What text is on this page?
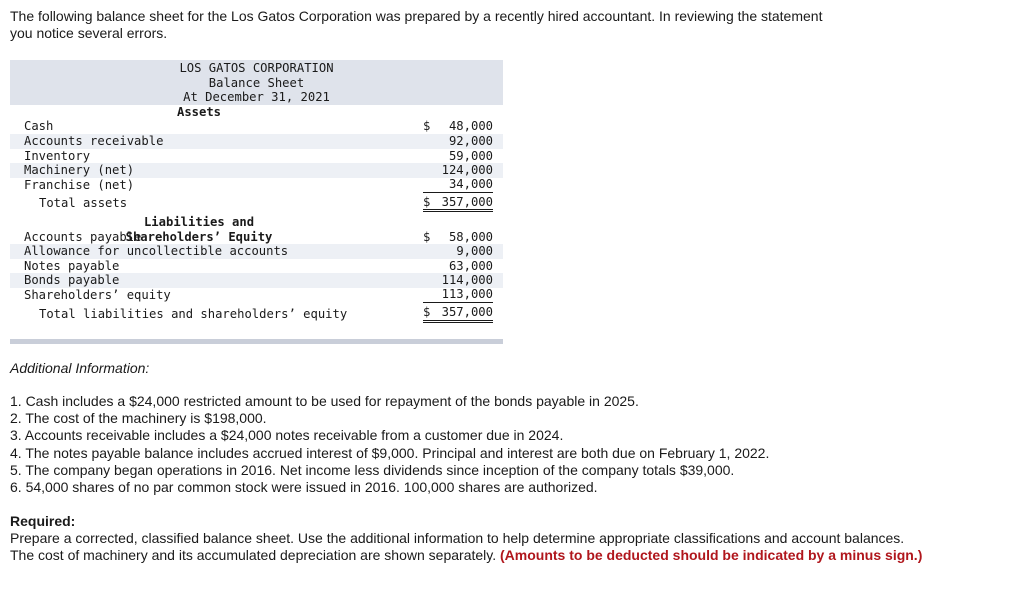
The following balance sheet for the Los Gatos Corporation was prepared by a recently hired accountant. In reviewing the statement

you notice several errors.

LOS GATOS CORPORATION
Balance Sheet
At December 31, 2021
Assets
Cash	$	48,000
Accounts receivable	92,000
Inventory	59,000
Machinery (net)	124,000
Franchise (net)	34,000
Total assets	$ 357,000
Liabilities and Shareholders’ Equity
Accounts payable	$	58,000
Allowance for uncollectible accounts	9,000
Notes payable	63,000
Bonds payable	114,000
Shareholders’ equity	113,000
Total liabilities and shareholders’ equity	$ 357,000
Additional Information:
1. Cash includes a $24,000 restricted amount to be used for repayment of the bonds payable in 2025.
2. The cost of the machinery is $198,000.
3. Accounts receivable includes a $24,000 notes receivable from a customer due in 2024.
4. The notes payable balance includes accrued interest of $9,000. Principal and interest are both due on February 1, 2022.
5. The company began operations in 2016. Net income less dividends since inception of the company totals $39,000.
6. 54,000 shares of no par common stock were issued in 2016. 100,000 shares are authorized.
Required:
Prepare a corrected, classified balance sheet. Use the additional information to help determine appropriate classifications and account balances. The cost of machinery and its accumulated depreciation are shown separately. (Amounts to be deducted should be indicated by a minus sign.)
